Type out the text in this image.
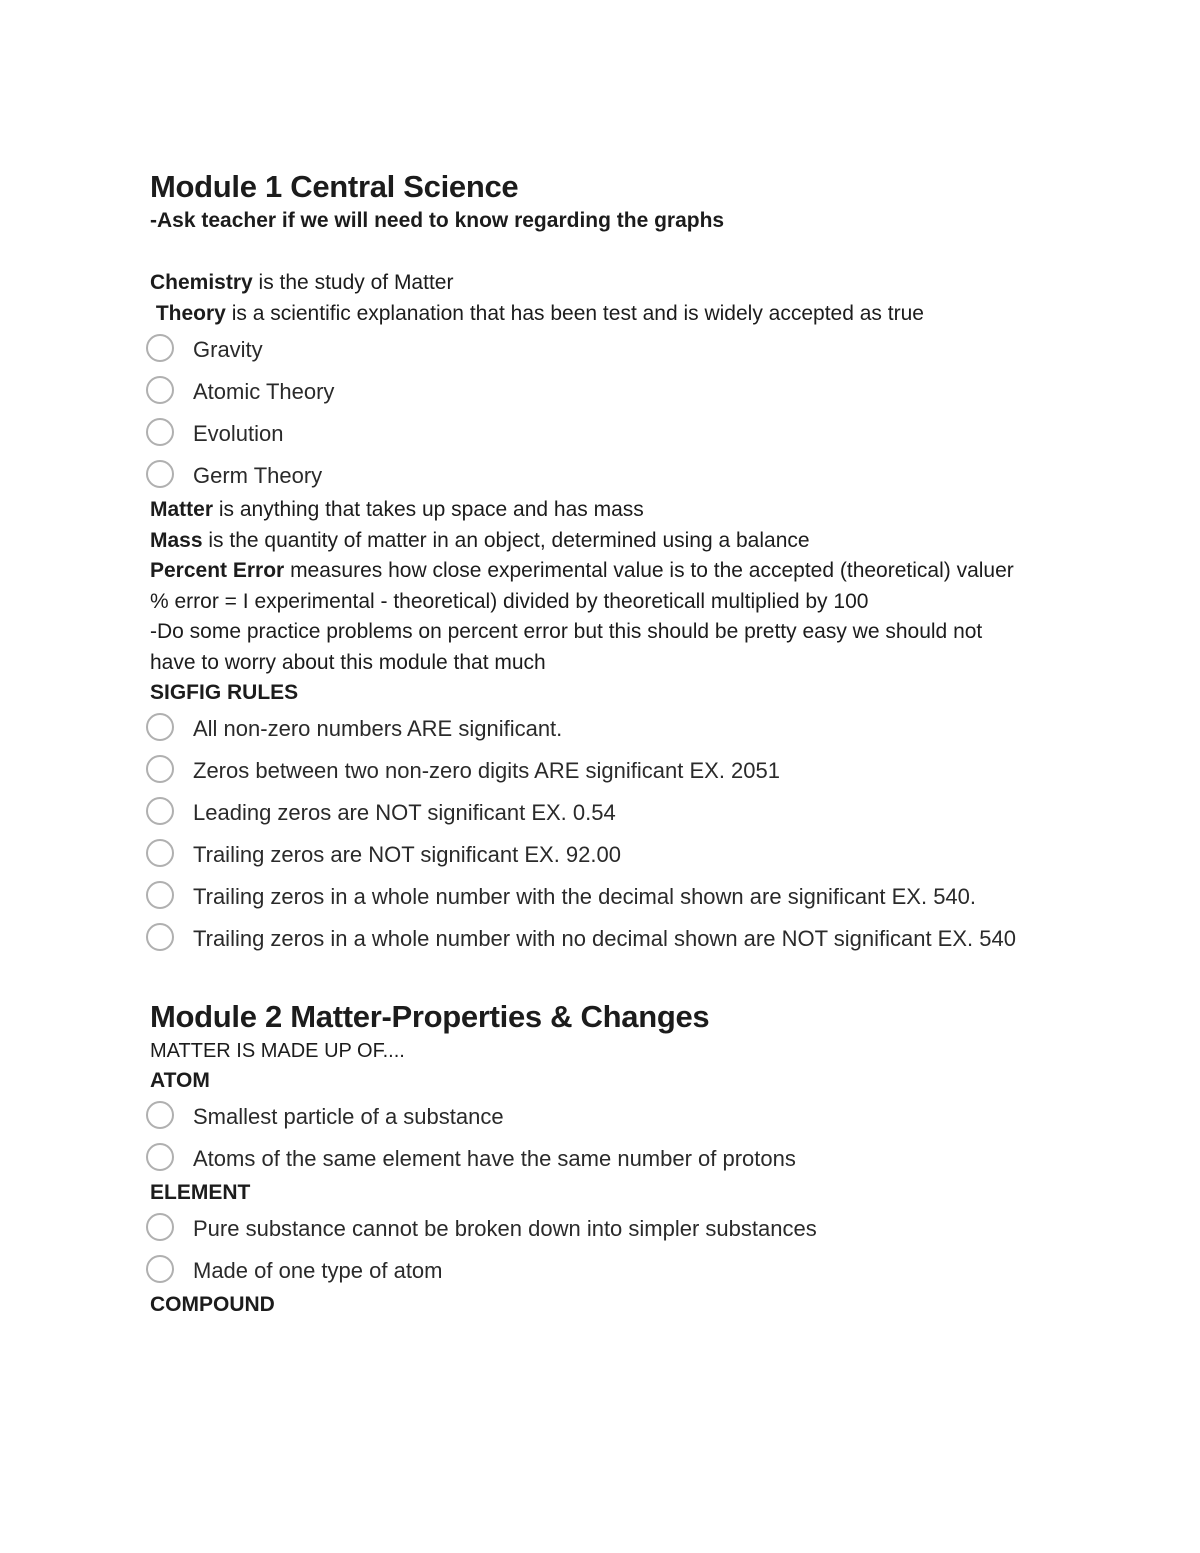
Module 1 Central Science
-Ask teacher if we will need to know regarding the graphs

Chemistry is the study of Matter

Theory is a scientific explanation that has been test and is widely accepted as true

Gravity
Atomic Theory
Evolution
Germ Theory

Matter is anything that takes up space and has mass

Mass is the quantity of matter in an object, determined using a balance

Percent Error measures how close experimental value is to the accepted (theoretical) valuer

% error = I experimental - theoretical) divided by theoreticall multiplied by 100

-Do some practice problems on percent error but this should be pretty easy we should not have to worry about this module that much

SIGFIG RULES
All non-zero numbers ARE significant.
Zeros between two non-zero digits ARE significant EX. 2051
Leading zeros are NOT significant EX. 0.54
Trailing zeros are NOT significant EX. 92.00
Trailing zeros in a whole number with the decimal shown are significant EX. 540.
Trailing zeros in a whole number with no decimal shown are NOT significant EX. 540
Module 2 Matter-Properties & Changes
MATTER IS MADE UP OF....
ATOM
Smallest particle of a substance
Atoms of the same element have the same number of protons
ELEMENT
Pure substance cannot be broken down into simpler substances
Made of one type of atom
COMPOUND
